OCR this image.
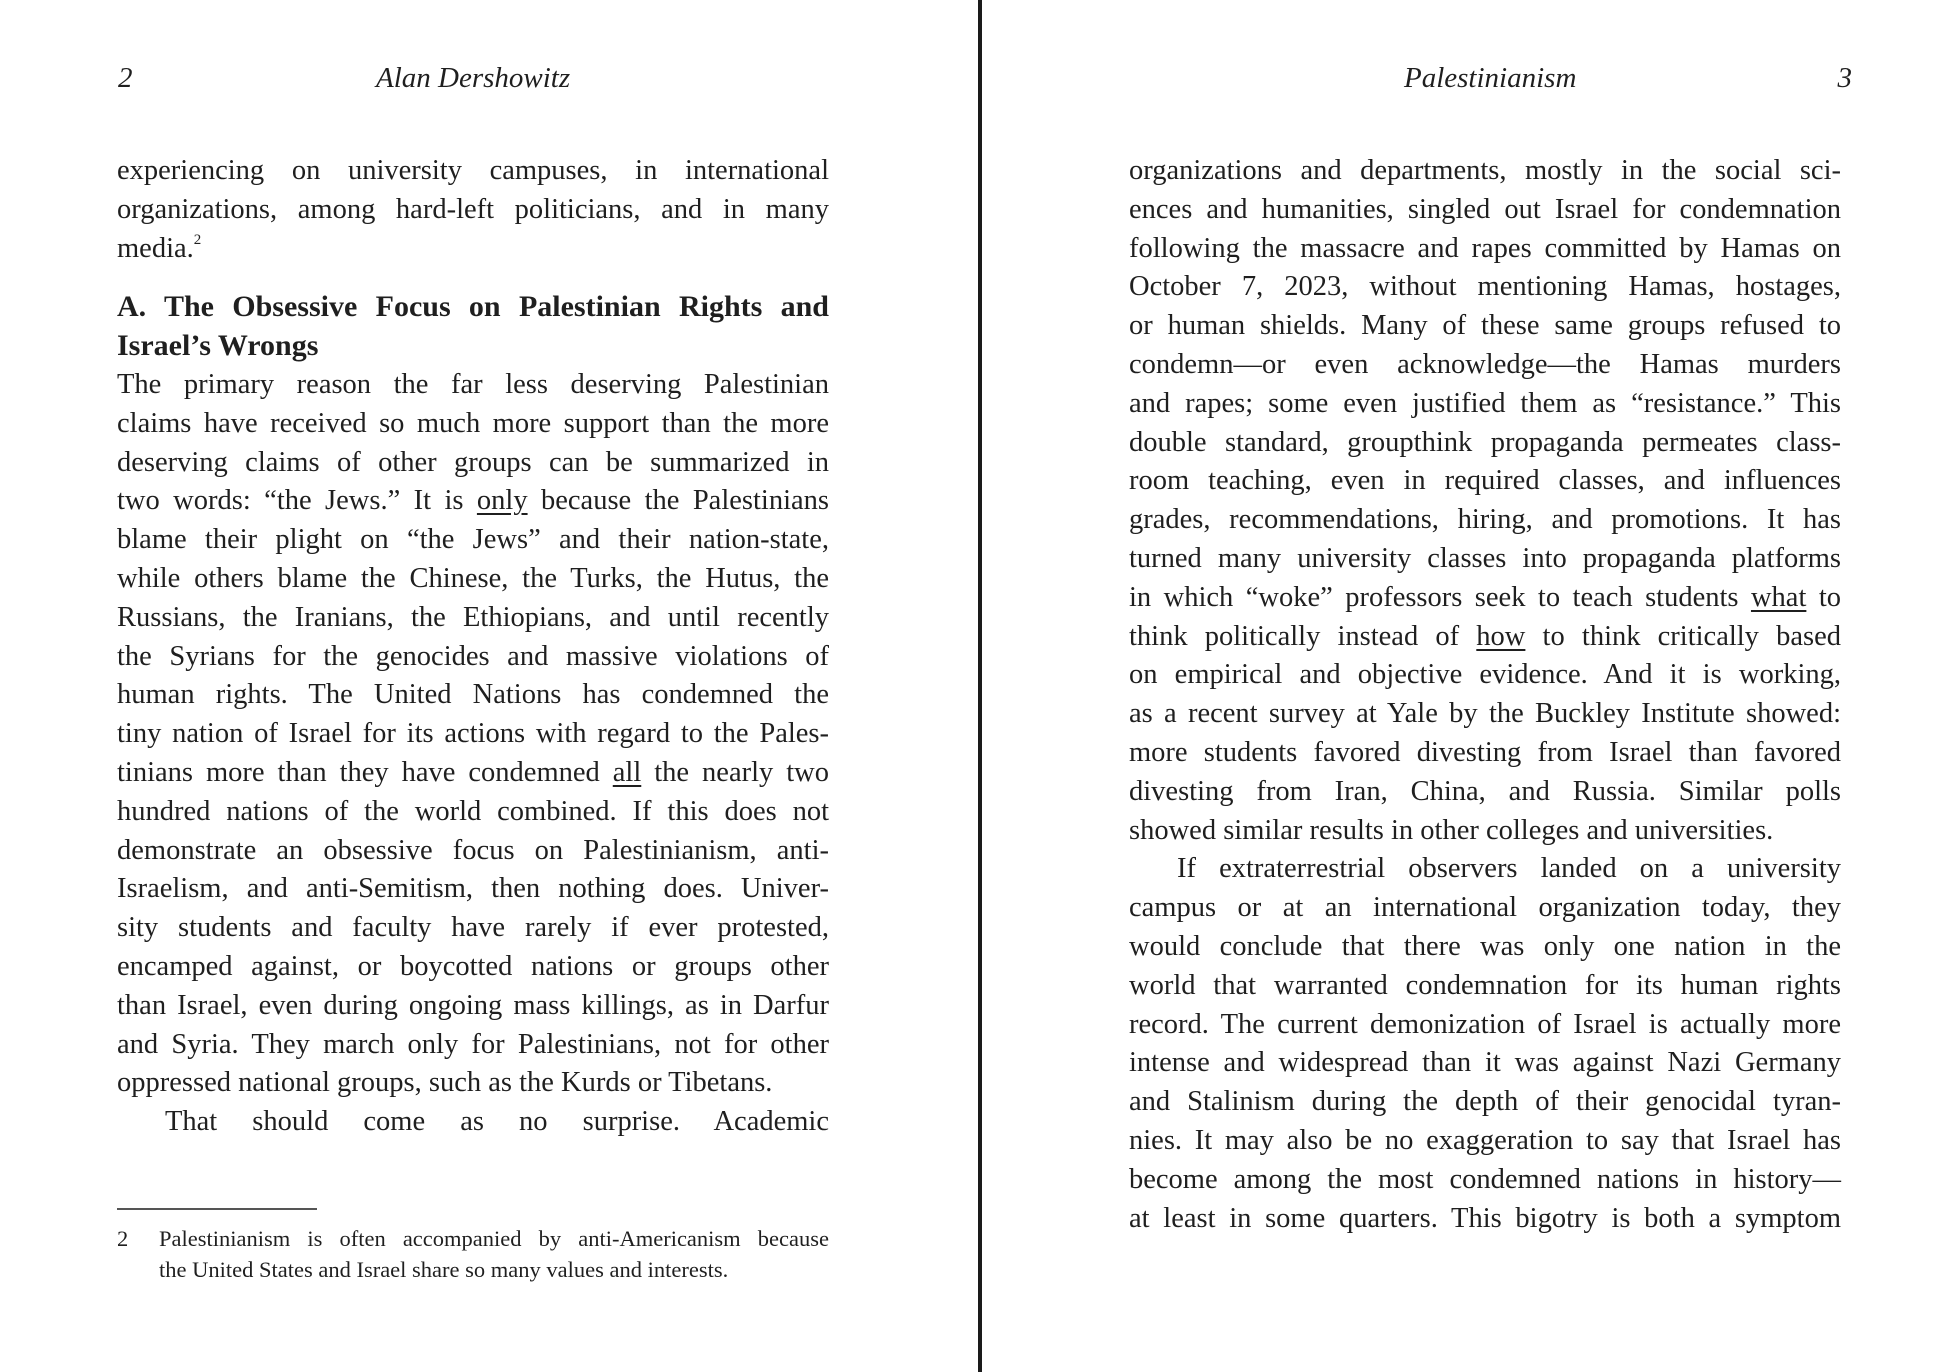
2	Alan Dershowitz
experiencing on university campuses, in international
organizations, among hard-left politicians, and in many
media.$^2$
A. The Obsessive Focus on Palestinian Rights and
Israel’s Wrongs
The primary reason the far less deserving Palestinian
claims have received so much more support than the more
deserving claims of other groups can be summarized in
two words: “the Jews.” It is only because the Palestinians
blame their plight on “the Jews” and their nation-state,
while others blame the Chinese, the Turks, the Hutus, the
Russians, the Iranians, the Ethiopians, and until recently
the Syrians for the genocides and massive violations of
human rights. The United Nations has condemned the
tiny nation of Israel for its actions with regard to the Pales-
tinians more than they have condemned all the nearly two
hundred nations of the world combined. If this does not
demonstrate an obsessive focus on Palestinianism, anti-
Israelism, and anti-Semitism, then nothing does. Univer-
sity students and faculty have rarely if ever protested,
encamped against, or boycotted nations or groups other
than Israel, even during ongoing mass killings, as in Darfur
and Syria. They march only for Palestinians, not for other
oppressed national groups, such as the Kurds or Tibetans.
That should come as no surprise. Academic
2 Palestinianism is often accompanied by anti-Americanism because
the United States and Israel share so many values and interests.
Palestinianism	3
organizations and departments, mostly in the social sci-
ences and humanities, singled out Israel for condemnation
following the massacre and rapes committed by Hamas on
October 7, 2023, without mentioning Hamas, hostages,
or human shields. Many of these same groups refused to
condemn—or even acknowledge—the Hamas murders
and rapes; some even justified them as “resistance.” This
double standard, groupthink propaganda permeates class-
room teaching, even in required classes, and influences
grades, recommendations, hiring, and promotions. It has
turned many university classes into propaganda platforms
in which “woke” professors seek to teach students what to
think politically instead of how to think critically based
on empirical and objective evidence. And it is working,
as a recent survey at Yale by the Buckley Institute showed:
more students favored divesting from Israel than favored
divesting from Iran, China, and Russia. Similar polls
showed similar results in other colleges and universities.
If extraterrestrial observers landed on a university
campus or at an international organization today, they
would conclude that there was only one nation in the
world that warranted condemnation for its human rights
record. The current demonization of Israel is actually more
intense and widespread than it was against Nazi Germany
and Stalinism during the depth of their genocidal tyran-
nies. It may also be no exaggeration to say that Israel has
become among the most condemned nations in history—
at least in some quarters. This bigotry is both a symptom
